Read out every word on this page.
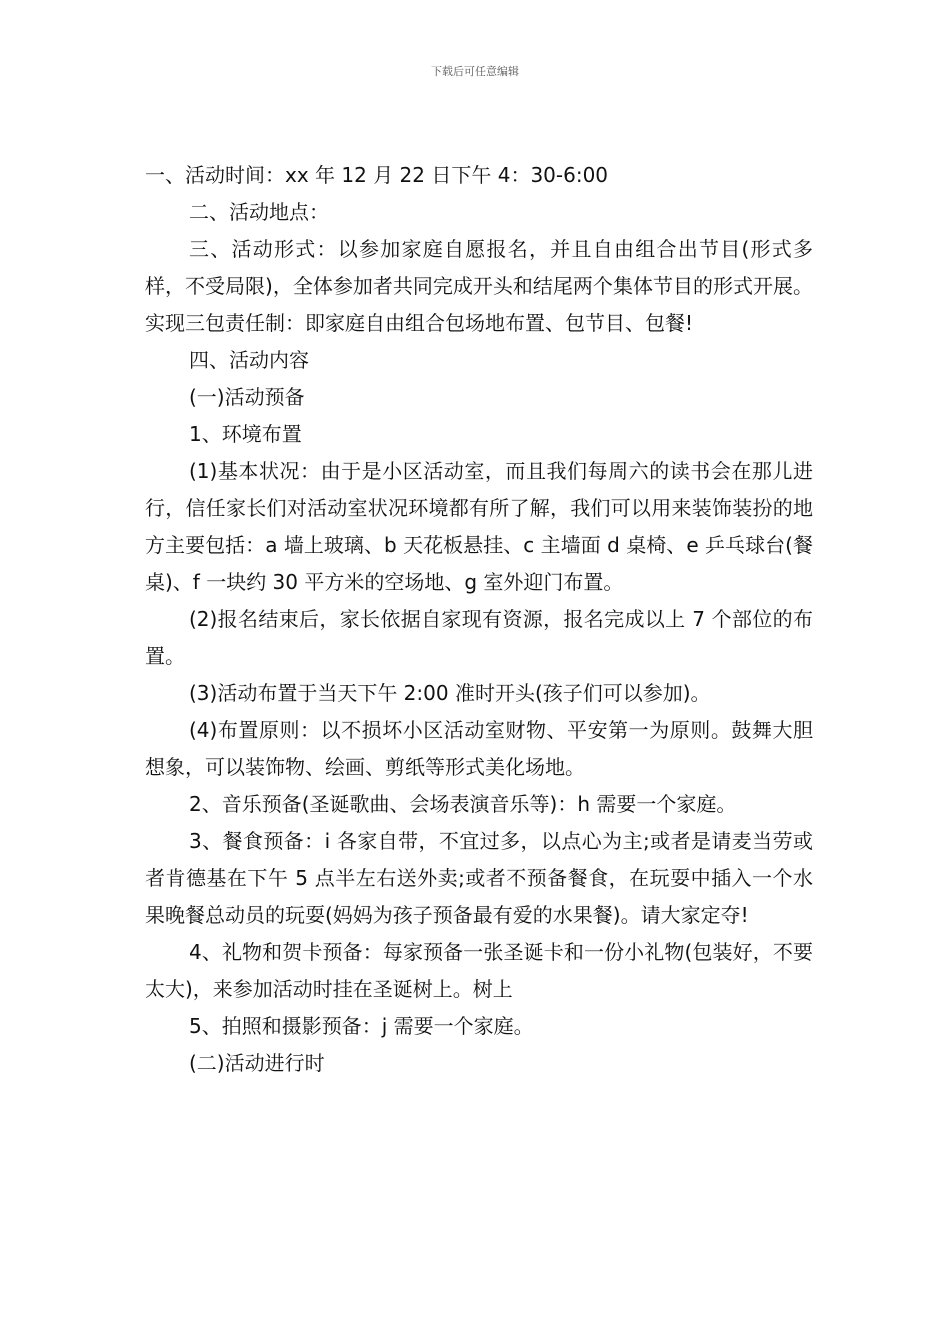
下载后可任意编辑

一、活动时间：xx 年 12 月 22 日下午 4：30-6:00

二、活动地点：

三、活动形式：以参加家庭自愿报名，并且自由组合出节目(形式多样，不受局限)，全体参加者共同完成开头和结尾两个集体节目的形式开展。实现三包责任制：即家庭自由组合包场地布置、包节目、包餐!

四、活动内容

(一)活动预备

1、环境布置

(1)基本状况：由于是小区活动室，而且我们每周六的读书会在那儿进行，信任家长们对活动室状况环境都有所了解，我们可以用来装饰装扮的地方主要包括：a 墙上玻璃、b 天花板悬挂、c 主墙面 d 桌椅、e 乒乓球台(餐桌)、f 一块约 30 平方米的空场地、g 室外迎门布置。

(2)报名结束后，家长依据自家现有资源，报名完成以上 7 个部位的布置。

(3)活动布置于当天下午 2:00 准时开头(孩子们可以参加)。

(4)布置原则：以不损坏小区活动室财物、平安第一为原则。鼓舞大胆想象，可以装饰物、绘画、剪纸等形式美化场地。

2、音乐预备(圣诞歌曲、会场表演音乐等)：h 需要一个家庭。

3、餐食预备：i 各家自带，不宜过多，以点心为主;或者是请麦当劳或者肯德基在下午 5 点半左右送外卖;或者不预备餐食，在玩耍中插入一个水果晚餐总动员的玩耍(妈妈为孩子预备最有爱的水果餐)。请大家定夺!

4、礼物和贺卡预备：每家预备一张圣诞卡和一份小礼物(包装好，不要太大)，来参加活动时挂在圣诞树上。树上

5、拍照和摄影预备：j 需要一个家庭。

(二)活动进行时
